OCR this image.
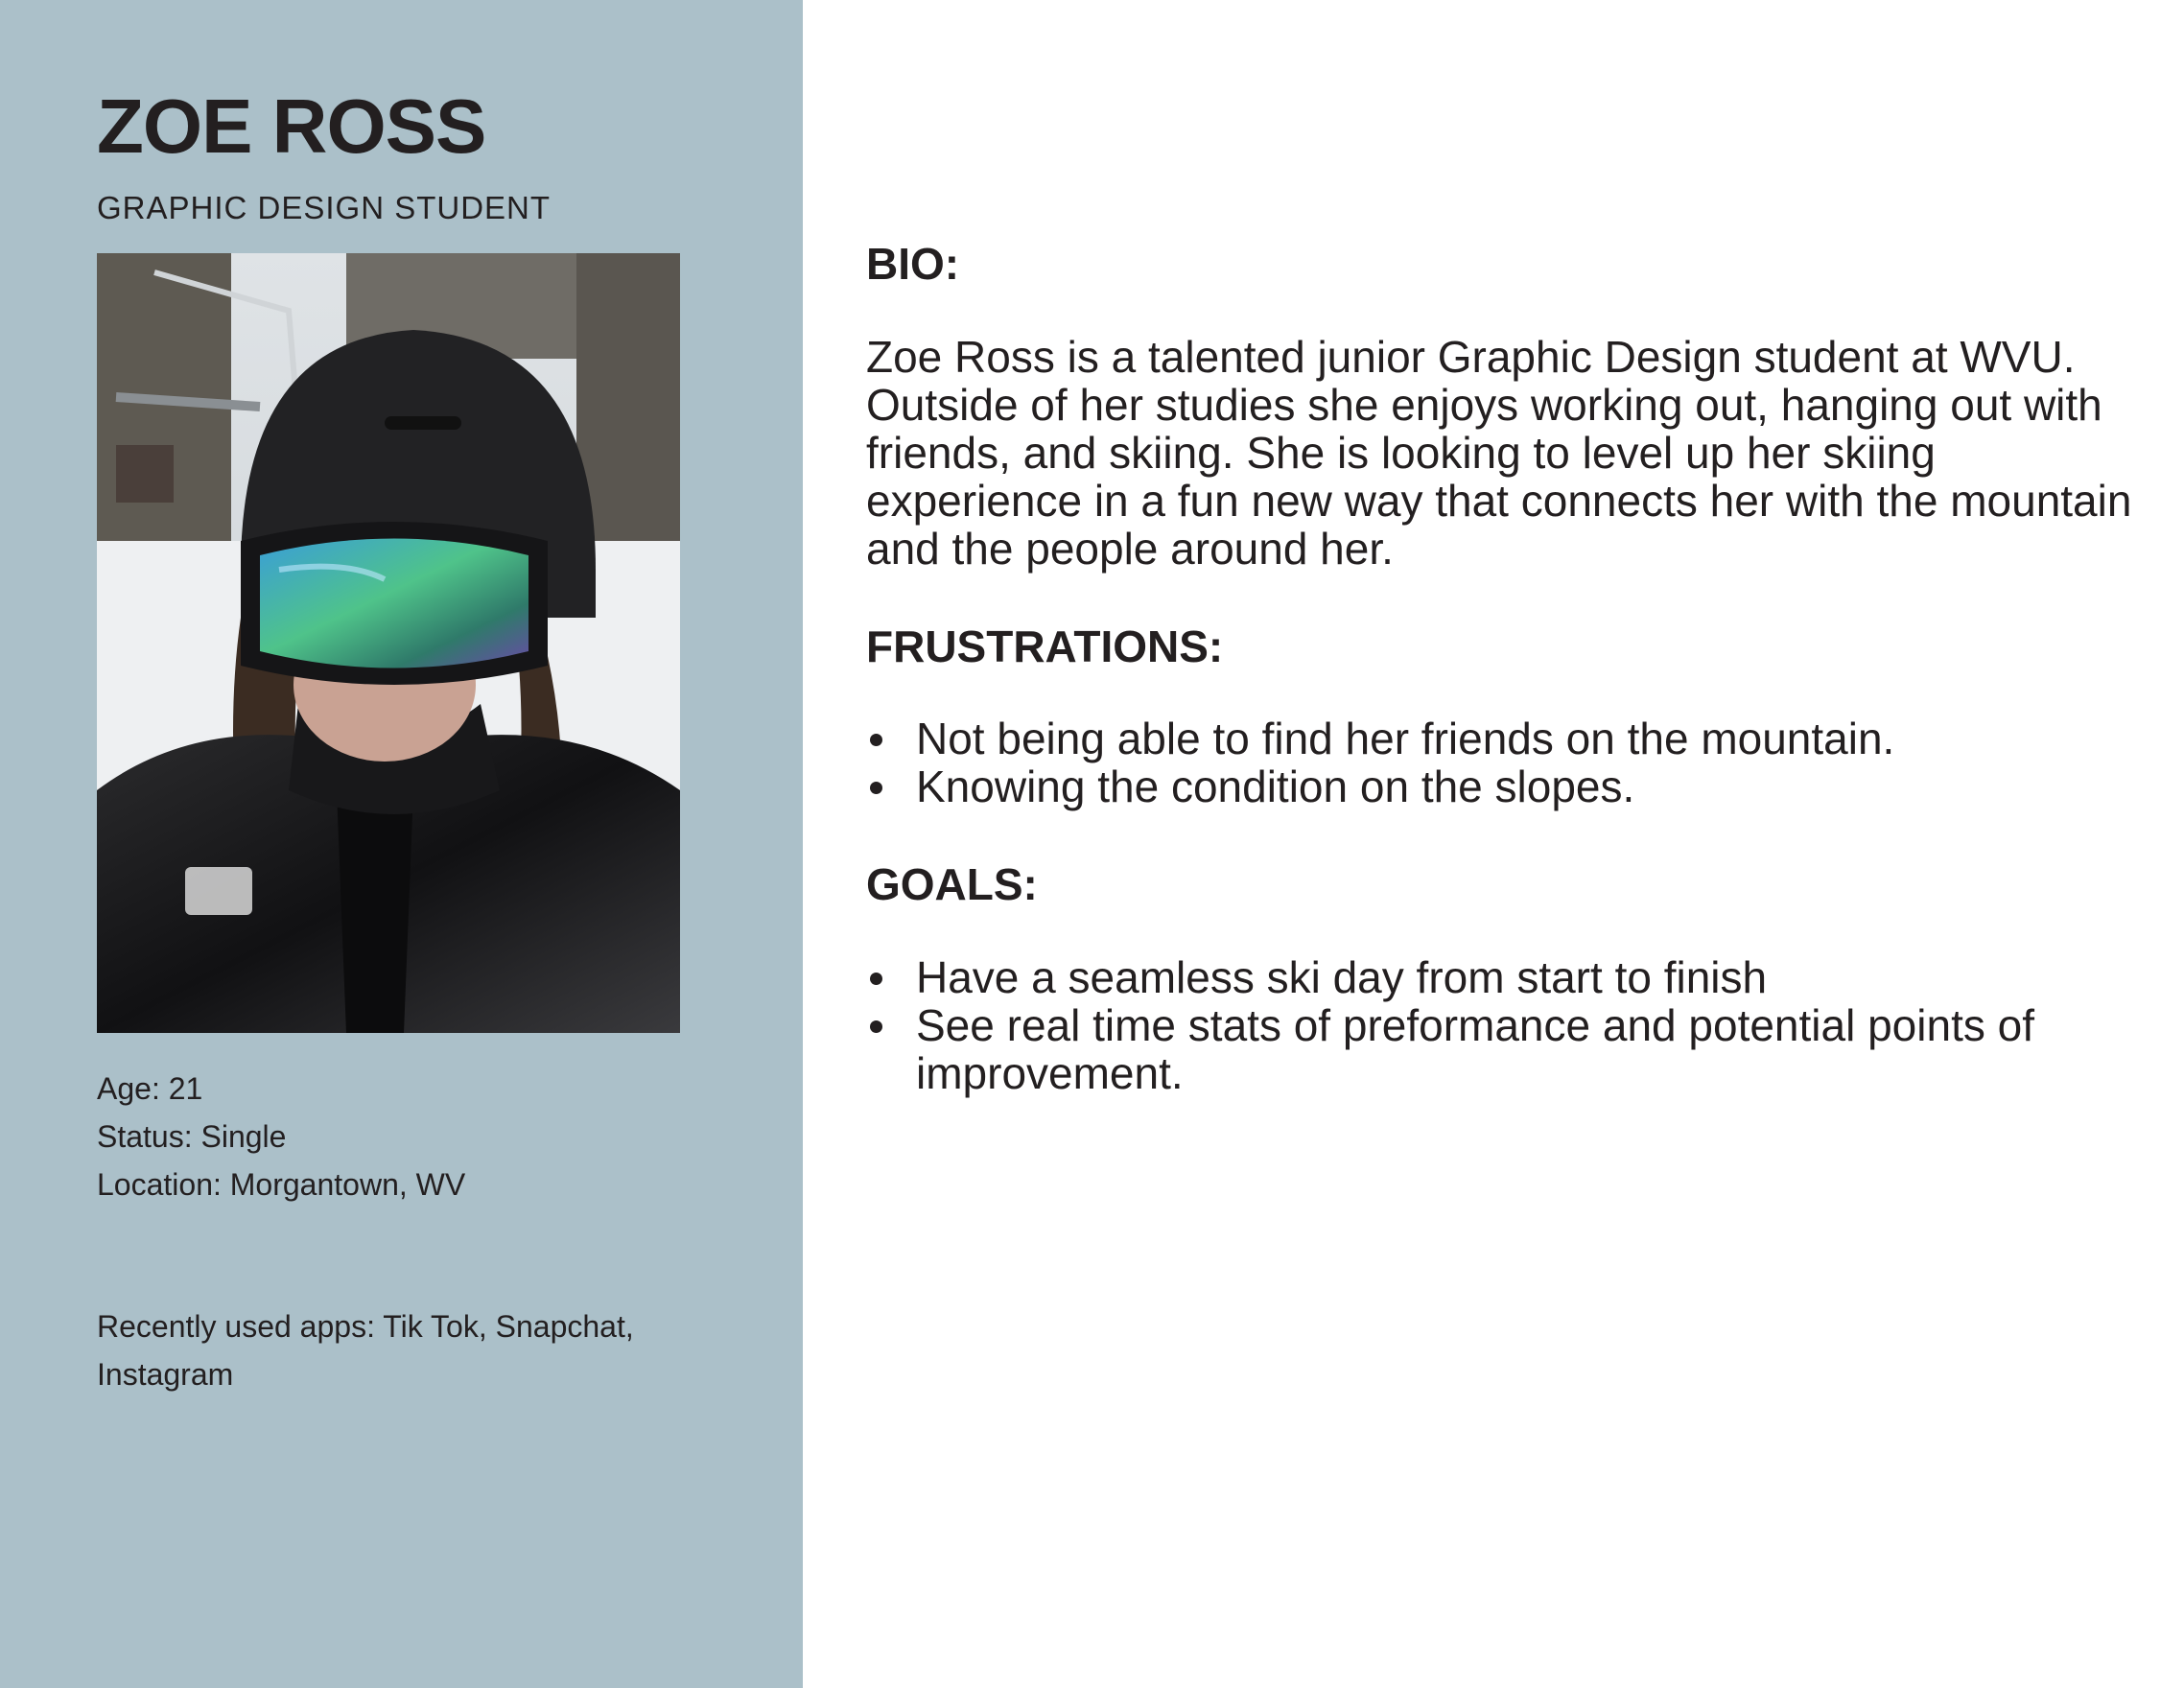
ZOE ROSS
GRAPHIC DESIGN STUDENT
Age: 21
Status: Single
Location: Morgantown, WV
Recently used apps: Tik Tok, Snapchat, Instagram
BIO:

Zoe Ross is a talented junior Graphic Design student at WVU. Outside of her studies she enjoys working out, hanging out with friends, and skiing. She is looking to level up her skiing experience in a fun new way that connects her with the mountain and the people around her.

FRUSTRATIONS:
Not being able to find her friends on the mountain.
Knowing the condition on the slopes.
GOALS:
Have a seamless ski day from start to finish
See real time stats of preformance and potential points of improvement.
